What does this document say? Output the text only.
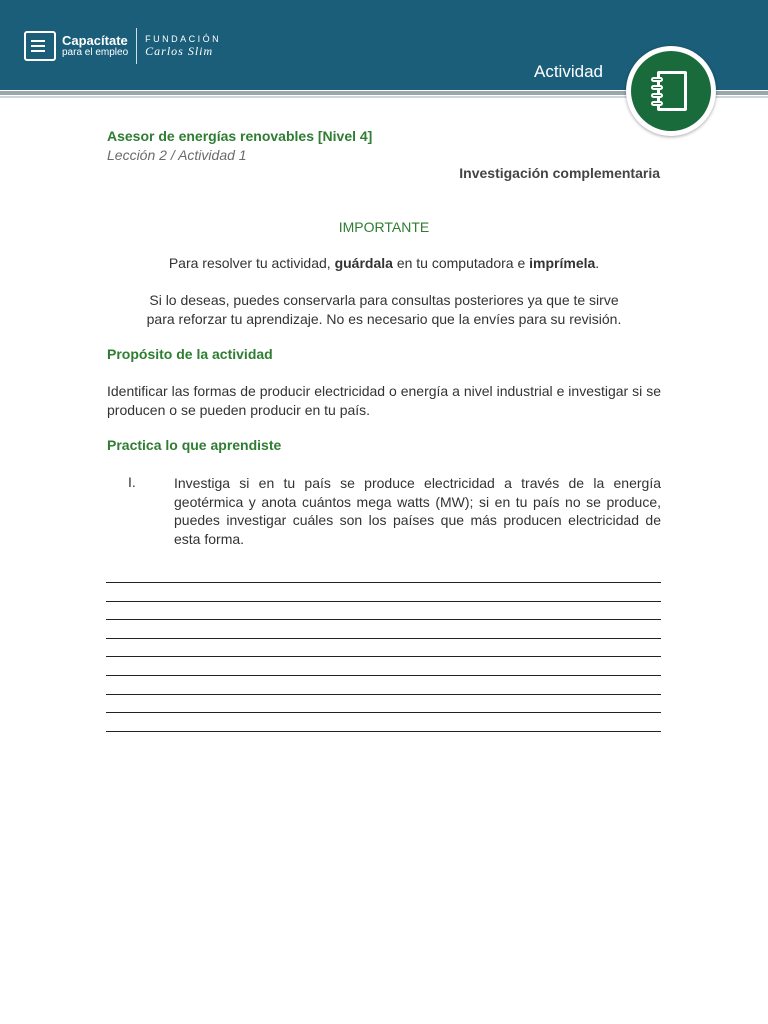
Capacítate
para el empleo
FUNDACIÓN
Carlos Slim
Actividad
Asesor de energías renovables [Nivel 4]
Lección 2 / Actividad 1
Investigación complementaria
IMPORTANTE
Para resolver tu actividad, guárdala en tu computadora e imprímela.
Si lo deseas, puedes conservarla para consultas posteriores ya que te sirve
para reforzar tu aprendizaje. No es necesario que la envíes para su revisión.
Propósito de la actividad
Identificar las formas de producir electricidad o energía a nivel industrial e investigar si se producen o se pueden producir en tu país.
Practica lo que aprendiste
I.	Investiga si en tu país se produce electricidad a través de la energía geotérmica y anota cuántos mega watts (MW); si en tu país no se produce, puedes investigar cuáles son los países que más producen electricidad de esta forma.
